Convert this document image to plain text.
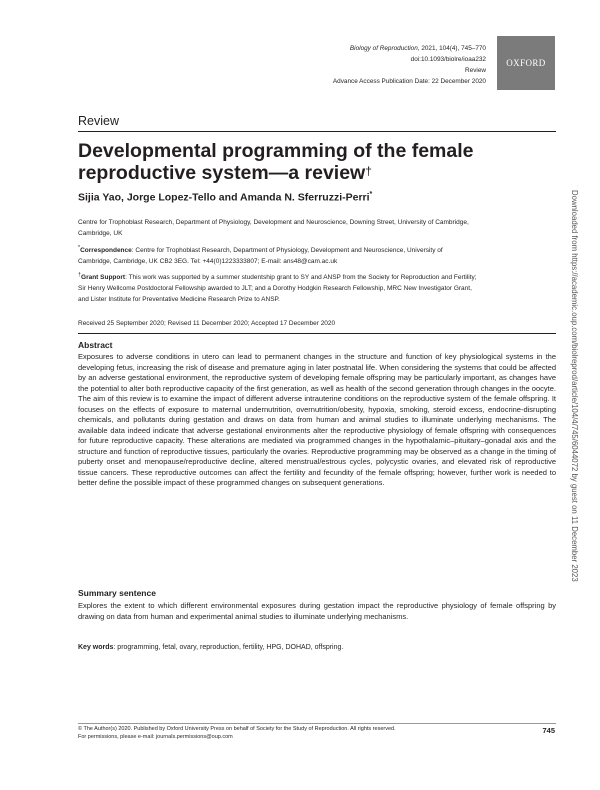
Biology of Reproduction, 2021, 104(4), 745–770
doi:10.1093/biolre/ioaa232
Review
Advance Access Publication Date: 22 December 2020
OXFORD
Review
Developmental programming of the female reproductive system—a review†
Sijia Yao, Jorge Lopez-Tello and Amanda N. Sferruzzi-Perri*
Centre for Trophoblast Research, Department of Physiology, Development and Neuroscience, Downing Street, University of Cambridge, Cambridge, UK
*Correspondence: Centre for Trophoblast Research, Department of Physiology, Development and Neuroscience, University of Cambridge, Cambridge, UK CB2 3EG. Tel: +44(0)1223333807; E-mail: ans48@cam.ac.uk
†Grant Support: This work was supported by a summer studentship grant to SY and ANSP from the Society for Reproduction and Fertility; Sir Henry Wellcome Postdoctoral Fellowship awarded to JLT; and a Dorothy Hodgkin Research Fellowship, MRC New Investigator Grant, and Lister Institute for Preventative Medicine Research Prize to ANSP.
Received 25 September 2020; Revised 11 December 2020; Accepted 17 December 2020
Abstract

Exposures to adverse conditions in utero can lead to permanent changes in the structure and function of key physiological systems in the developing fetus, increasing the risk of disease and premature aging in later postnatal life. When considering the systems that could be affected by an adverse gestational environment, the reproductive system of developing female offspring may be particularly important, as changes have the potential to alter both reproductive capacity of the first generation, as well as health of the second generation through changes in the oocyte. The aim of this review is to examine the impact of different adverse intrauterine conditions on the reproductive system of the female offspring. It focuses on the effects of exposure to maternal undernutrition, overnutrition/obesity, hypoxia, smoking, steroid excess, endocrine-disrupting chemicals, and pollutants during gestation and draws on data from human and animal studies to illuminate underlying mechanisms. The available data indeed indicate that adverse gestational environments alter the reproductive physiology of female offspring with consequences for future reproductive capacity. These alterations are mediated via programmed changes in the hypothalamic–pituitary–gonadal axis and the structure and function of reproductive tissues, particularly the ovaries. Reproductive programming may be observed as a change in the timing of puberty onset and menopause/reproductive decline, altered menstrual/estrous cycles, polycystic ovaries, and elevated risk of reproductive tissue cancers. These reproductive outcomes can affect the fertility and fecundity of the female offspring; however, further work is needed to better define the possible impact of these programmed changes on subsequent generations.

Summary sentence

Explores the extent to which different environmental exposures during gestation impact the reproductive physiology of female offspring by drawing on data from human and experimental animal studies to illuminate underlying mechanisms.

Key words: programming, fetal, ovary, reproduction, fertility, HPG, DOHAD, offspring.
Downloaded from https://academic.oup.com/biolreprod/article/104/4/745/6044072 by guest on 11 December 2023
© The Author(s) 2020. Published by Oxford University Press on behalf of Society for the Study of Reproduction. All rights reserved.
For permissions, please e-mail: journals.permissions@oup.com
745
